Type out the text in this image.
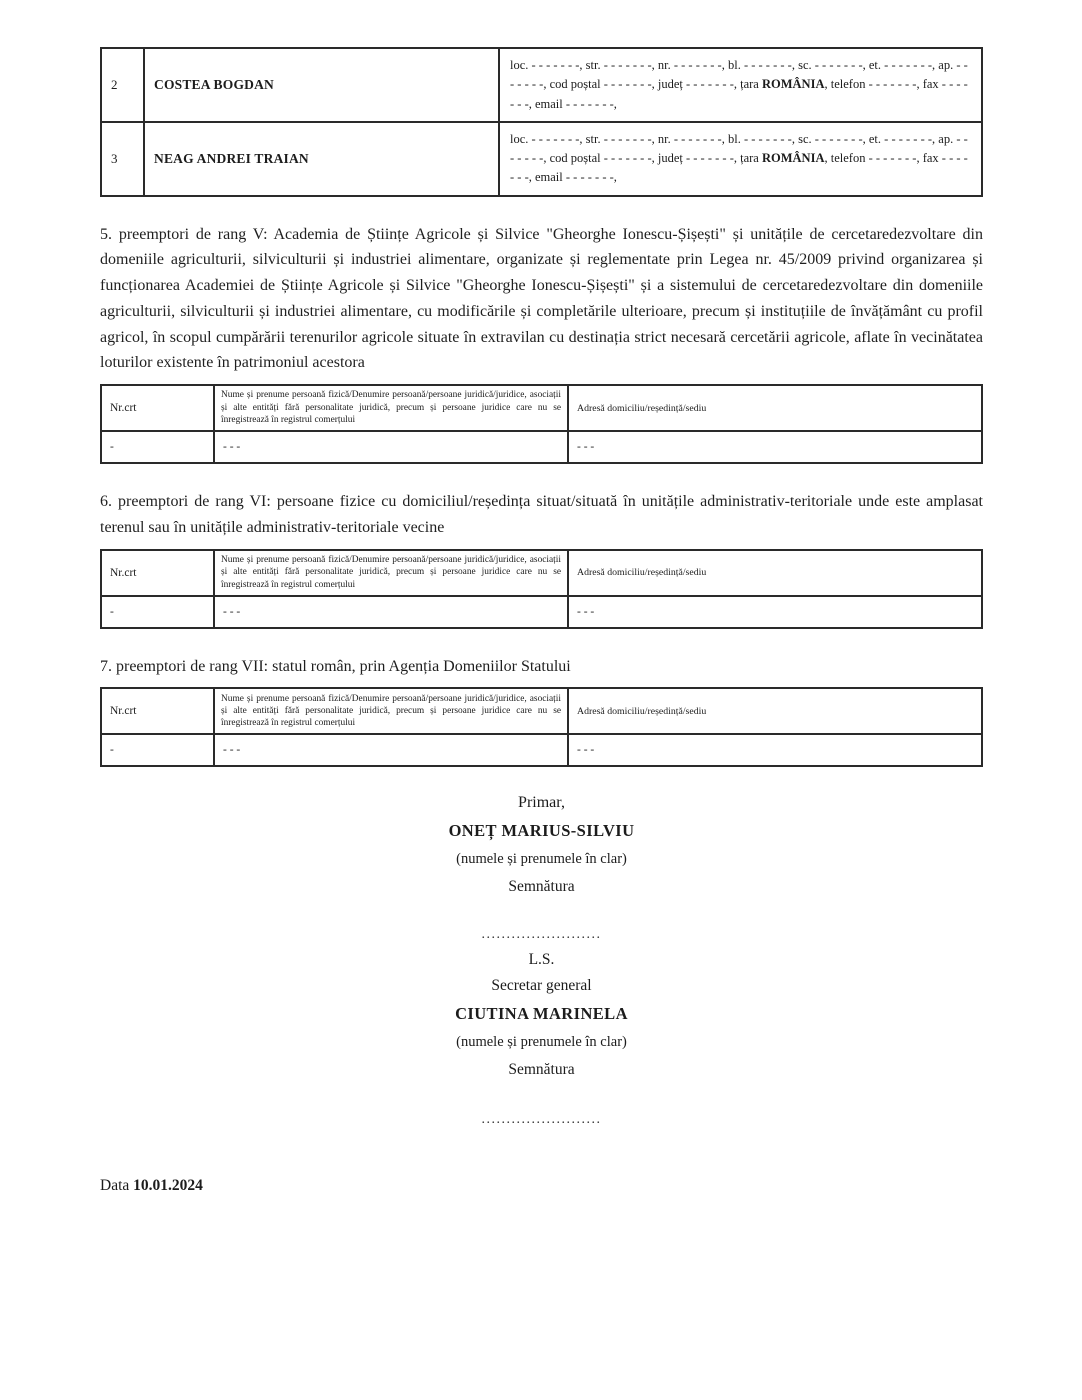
2	COSTEA BOGDAN	loc. - - - - - - -, str. - - - - - - -, nr. - - - - - - -, bl. - - - - - - -, sc. - - - - - - -, et. - - - - - - -, ap. - - - - - - -, cod poștal - - - - - - -, județ - - - - - - -, țara ROMÂNIA, telefon - - - - - - -, fax - - - - - - -, email - - - - - - -,
3	NEAG ANDREI TRAIAN	loc. - - - - - - -, str. - - - - - - -, nr. - - - - - - -, bl. - - - - - - -, sc. - - - - - - -, et. - - - - - - -, ap. - - - - - - -, cod poștal - - - - - - -, județ - - - - - - -, țara ROMÂNIA, telefon - - - - - - -, fax - - - - - - -, email - - - - - - -,

5. preemptori de rang V: Academia de Științe Agricole și Silvice "Gheorghe Ionescu-Șișești" și unitățile de cercetaredezvoltare din domeniile agriculturii, silviculturii și industriei alimentare, organizate și reglementate prin Legea nr. 45/2009 privind organizarea și funcționarea Academiei de Științe Agricole și Silvice "Gheorghe Ionescu-Șișești" și a sistemului de cercetaredezvoltare din domeniile agriculturii, silviculturii și industriei alimentare, cu modificările și completările ulterioare, precum și instituțiile de învățământ cu profil agricol, în scopul cumpărării terenurilor agricole situate în extravilan cu destinația strict necesară cercetării agricole, aflate în vecinătatea loturilor existente în patrimoniul acestora

Nr.crt	Nume și prenume persoană fizică/Denumire persoană/persoane juridică/juridice, asociații și alte entități fără personalitate juridică, precum și persoane juridice care nu se înregistrează în registrul comerțului	Adresă domiciliu/reședință/sediu
-	- - -	- - -

6. preemptori de rang VI: persoane fizice cu domiciliul/reședința situat/situată în unitățile administrativ-teritoriale unde este amplasat terenul sau în unitățile administrativ-teritoriale vecine

Nr.crt	Nume și prenume persoană fizică/Denumire persoană/persoane juridică/juridice, asociații și alte entități fără personalitate juridică, precum și persoane juridice care nu se înregistrează în registrul comerțului	Adresă domiciliu/reședință/sediu
-	- - -	- - -

7. preemptori de rang VII: statul român, prin Agenția Domeniilor Statului

Nr.crt	Nume și prenume persoană fizică/Denumire persoană/persoane juridică/juridice, asociații și alte entități fără personalitate juridică, precum și persoane juridice care nu se înregistrează în registrul comerțului	Adresă domiciliu/reședință/sediu
-	- - -	- - -
Primar,
ONEȚ MARIUS-SILVIU
(numele și prenumele în clar)
Semnătura
........................
L.S.
Secretar general
CIUTINA MARINELA
(numele și prenumele în clar)
Semnătura
........................
Data 10.01.2024
